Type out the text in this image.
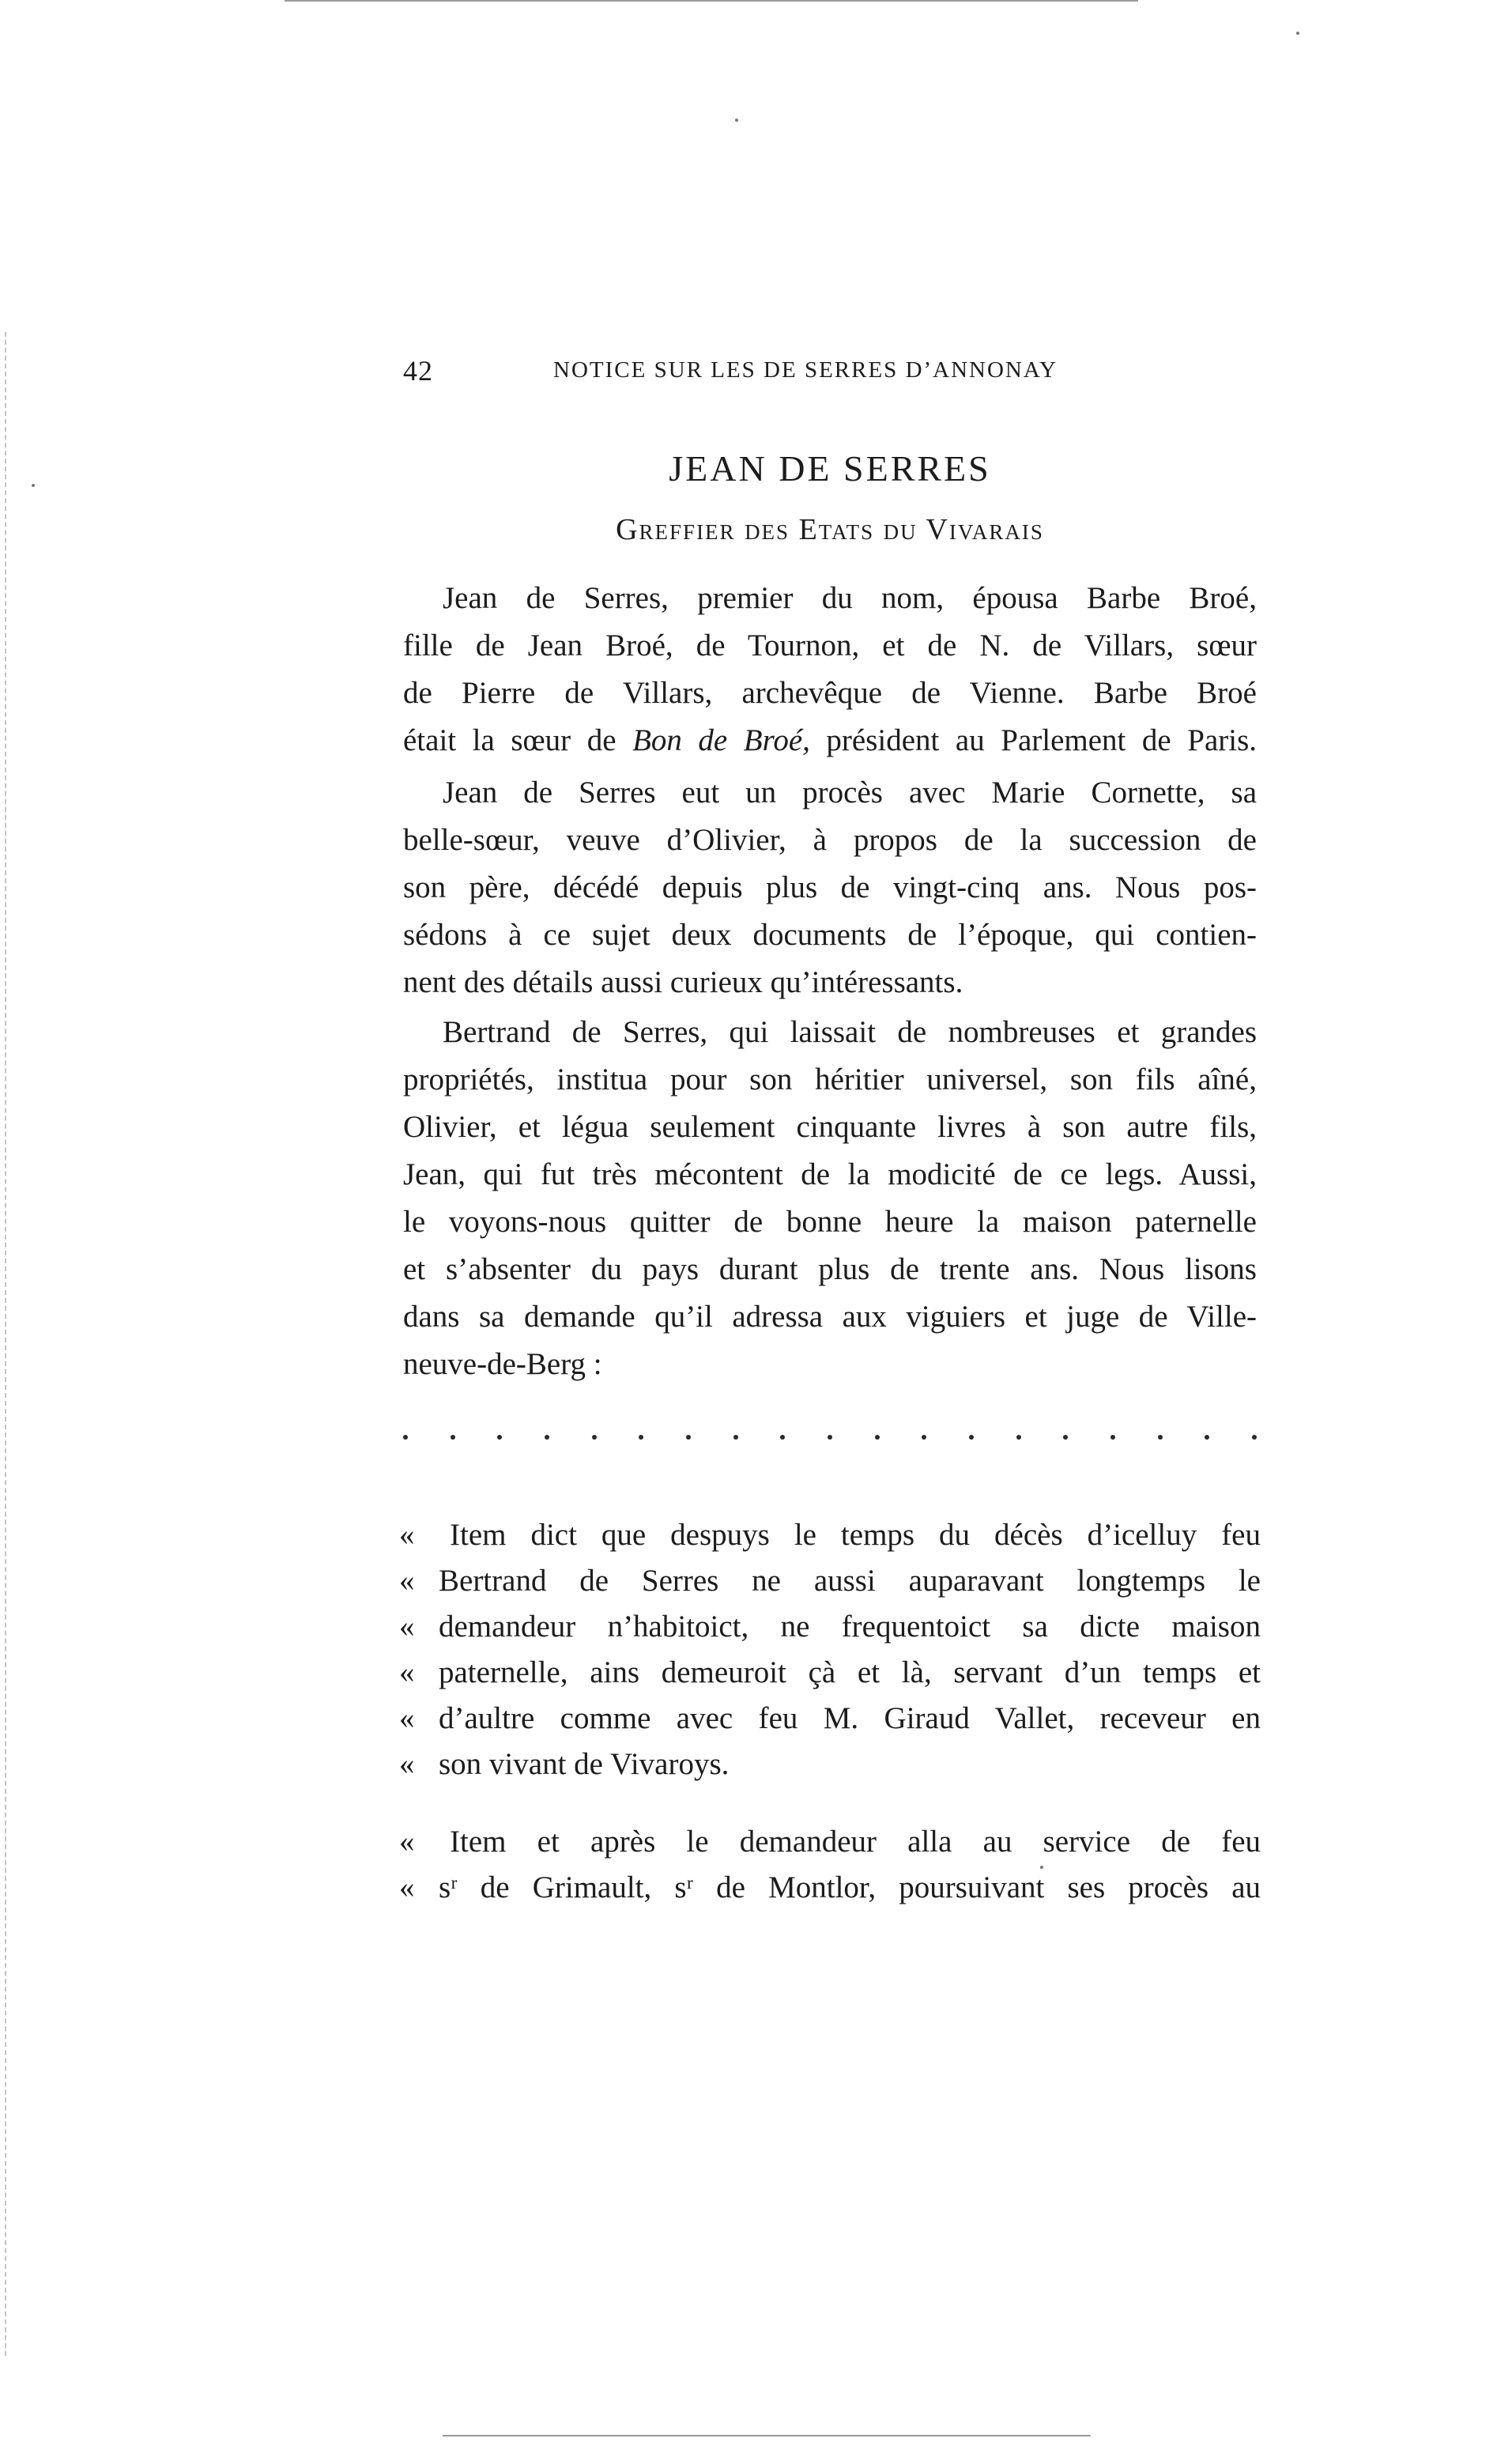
42	NOTICE SUR LES DE SERRES D’ANNONAY
JEAN DE SERRES
Greffier des Etats du Vivarais
Jean de Serres, premier du nom, épousa Barbe Broé,
fille de Jean Broé, de Tournon, et de N. de Villars, sœur
de Pierre de Villars, archevêque de Vienne. Barbe Broé
était la sœur de Bon de Broé, président au Parlement de Paris.
Jean de Serres eut un procès avec Marie Cornette, sa
belle-sœur, veuve d’Olivier, à propos de la succession de
son père, décédé depuis plus de vingt-cinq ans. Nous pos-
sédons à ce sujet deux documents de l’époque, qui contien-
nent des détails aussi curieux qu’intéressants.
Bertrand de Serres, qui laissait de nombreuses et grandes
propriétés, institua pour son héritier universel, son fils aîné,
Olivier, et légua seulement cinquante livres à son autre fils,
Jean, qui fut très mécontent de la modicité de ce legs. Aussi,
le voyons-nous quitter de bonne heure la maison paternelle
et s’absenter du pays durant plus de trente ans. Nous lisons
dans sa demande qu’il adressa aux viguiers et juge de Ville-
neuve-de-Berg :
«	Item dict que despuys le temps du décès d’icelluy feu
« Bertrand de Serres ne aussi auparavant longtemps le
« demandeur n’habitoict, ne frequentoict sa dicte maison
« paternelle, ains demeuroit çà et là, servant d’un temps et
« d’aultre comme avec feu M. Giraud Vallet, receveur en
« son vivant de Vivaroys.
«	Item et après le demandeur alla au service de feu
« sʳ de Grimault, sʳ de Montlor, poursuivant ses procès au
